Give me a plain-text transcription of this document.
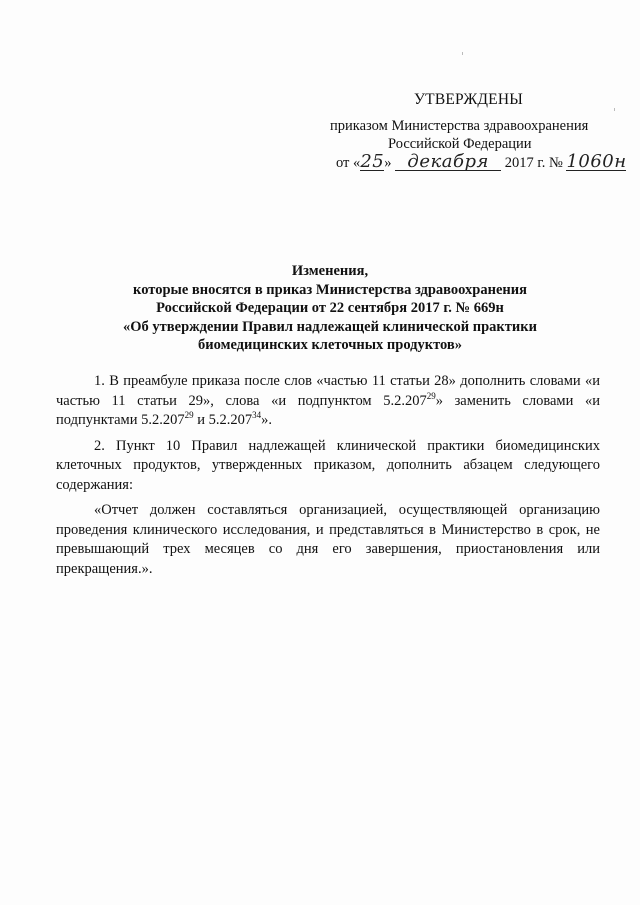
УТВЕРЖДЕНЫ
приказом Министерства здравоохранения
Российской Федерации
от «25» декабря 2017 г. № 1060н
Изменения,
которые вносятся в приказ Министерства здравоохранения
Российской Федерации от 22 сентября 2017 г. № 669н
«Об утверждении Правил надлежащей клинической практики
биомедицинских клеточных продуктов»

1. В преамбуле приказа после слов «частью 11 статьи 28» дополнить словами «и частью 11 статьи 29», слова «и подпунктом 5.2.207$^{29}$» заменить словами «и подпунктами 5.2.207$^{29}$ и 5.2.207$^{34}$».

2. Пункт 10 Правил надлежащей клинической практики биомедицинских клеточных продуктов, утвержденных приказом, дополнить абзацем следующего содержания:

«Отчет должен составляться организацией, осуществляющей организацию проведения клинического исследования, и представляться в Министерство в срок, не превышающий трех месяцев со дня его завершения, приостановления или прекращения.».
